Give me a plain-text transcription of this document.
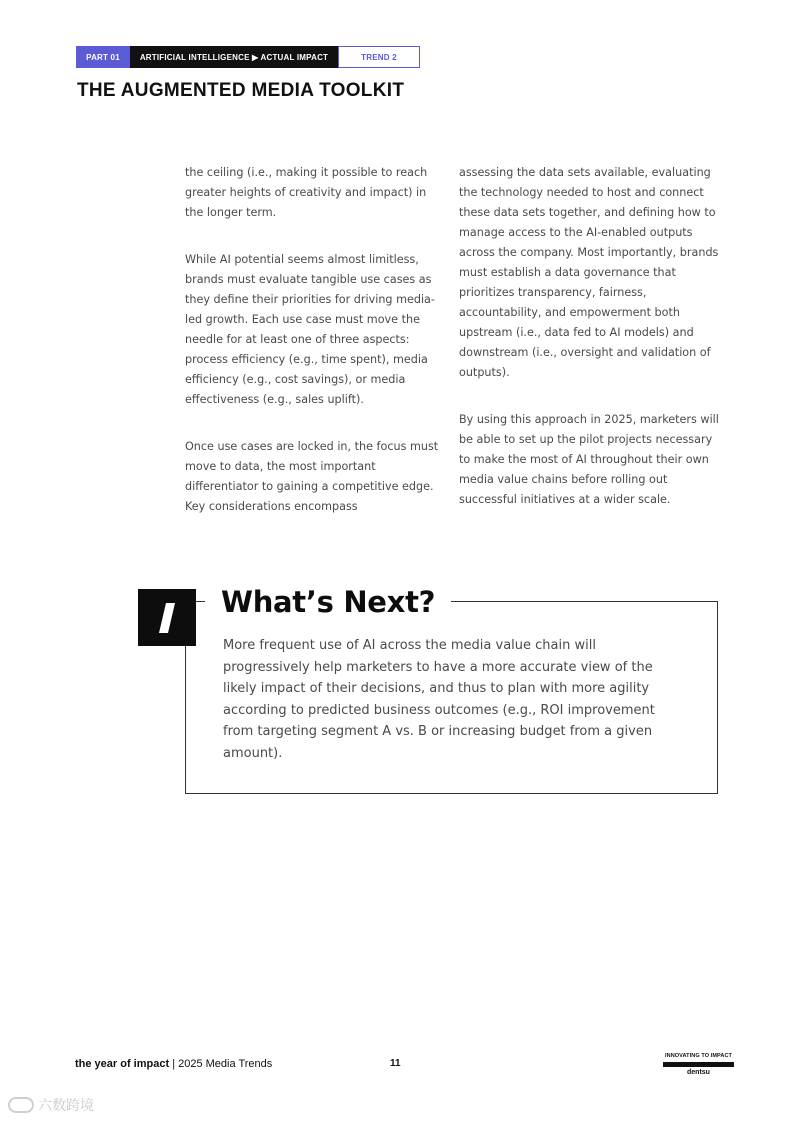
PART 01	ARTIFICIAL INTELLIGENCE ▶ ACTUAL IMPACT	TREND 2
THE AUGMENTED MEDIA TOOLKIT

the ceiling (i.e., making it possible to reach greater heights of creativity and impact) in the longer term.

While AI potential seems almost limitless, brands must evaluate tangible use cases as they define their priorities for driving media-led growth. Each use case must move the needle for at least one of three aspects: process efficiency (e.g., time spent), media efficiency (e.g., cost savings), or media effectiveness (e.g., sales uplift).

Once use cases are locked in, the focus must move to data, the most important differentiator to gaining a competitive edge. Key considerations encompass

assessing the data sets available, evaluating the technology needed to host and connect these data sets together, and defining how to manage access to the AI-enabled outputs across the company. Most importantly, brands must establish a data governance that prioritizes transparency, fairness, accountability, and empowerment both upstream (i.e., data fed to AI models) and downstream (i.e., oversight and validation of outputs).

By using this approach in 2025, marketers will be able to set up the pilot projects necessary to make the most of AI throughout their own media value chains before rolling out successful initiatives at a wider scale.

What’s Next?
More frequent use of AI across the media value chain will progressively help marketers to have a more accurate view of the likely impact of their decisions, and thus to plan with more agility according to predicted business outcomes (e.g., ROI improvement from targeting segment A vs. B or increasing budget from a given amount).
the year of impact | 2025 Media Trends	11
INNOVATING TO IMPACT
dentsu
六数跨境
